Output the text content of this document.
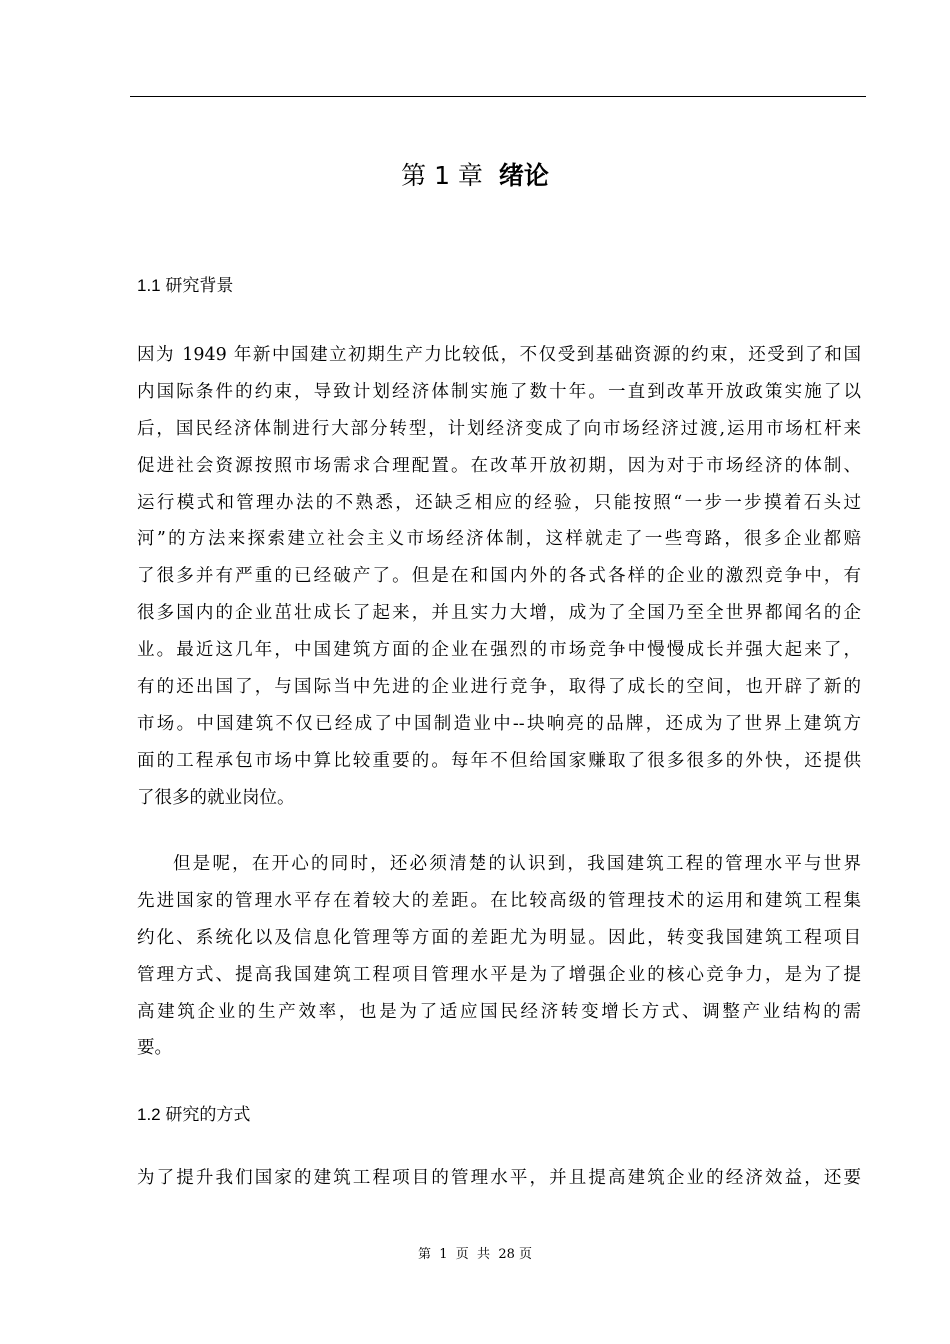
第 1 章 绪论
1.1 研究背景
因为 1949 年新中国建立初期生产力比较低，不仅受到基础资源的约束，还受到了和国
内国际条件的约束，导致计划经济体制实施了数十年。一直到改革开放政策实施了以
后，国民经济体制进行大部分转型，计划经济变成了向市场经济过渡,运用市场杠杆来
促进社会资源按照市场需求合理配置。在改革开放初期，因为对于市场经济的体制、
运行模式和管理办法的不熟悉，还缺乏相应的经验，只能按照“一步一步摸着石头过
河”的方法来探索建立社会主义市场经济体制，这样就走了一些弯路，很多企业都赔
了很多并有严重的已经破产了。但是在和国内外的各式各样的企业的激烈竞争中，有
很多国内的企业茁壮成长了起来，并且实力大增，成为了全国乃至全世界都闻名的企
业。最近这几年，中国建筑方面的企业在强烈的市场竞争中慢慢成长并强大起来了，
有的还出国了，与国际当中先进的企业进行竞争，取得了成长的空间，也开辟了新的
市场。中国建筑不仅已经成了中国制造业中--块响亮的品牌，还成为了世界上建筑方
面的工程承包市场中算比较重要的。每年不但给国家赚取了很多很多的外快，还提供
了很多的就业岗位。
但是呢，在开心的同时，还必须清楚的认识到，我国建筑工程的管理水平与世界
先进国家的管理水平存在着较大的差距。在比较高级的管理技术的运用和建筑工程集
约化、系统化以及信息化管理等方面的差距尤为明显。因此，转变我国建筑工程项目
管理方式、提高我国建筑工程项目管理水平是为了增强企业的核心竞争力，是为了提
高建筑企业的生产效率，也是为了适应国民经济转变增长方式、调整产业结构的需
要。
1.2 研究的方式
为了提升我们国家的建筑工程项目的管理水平，并且提高建筑企业的经济效益，还要
第  1  页  共  28 页
